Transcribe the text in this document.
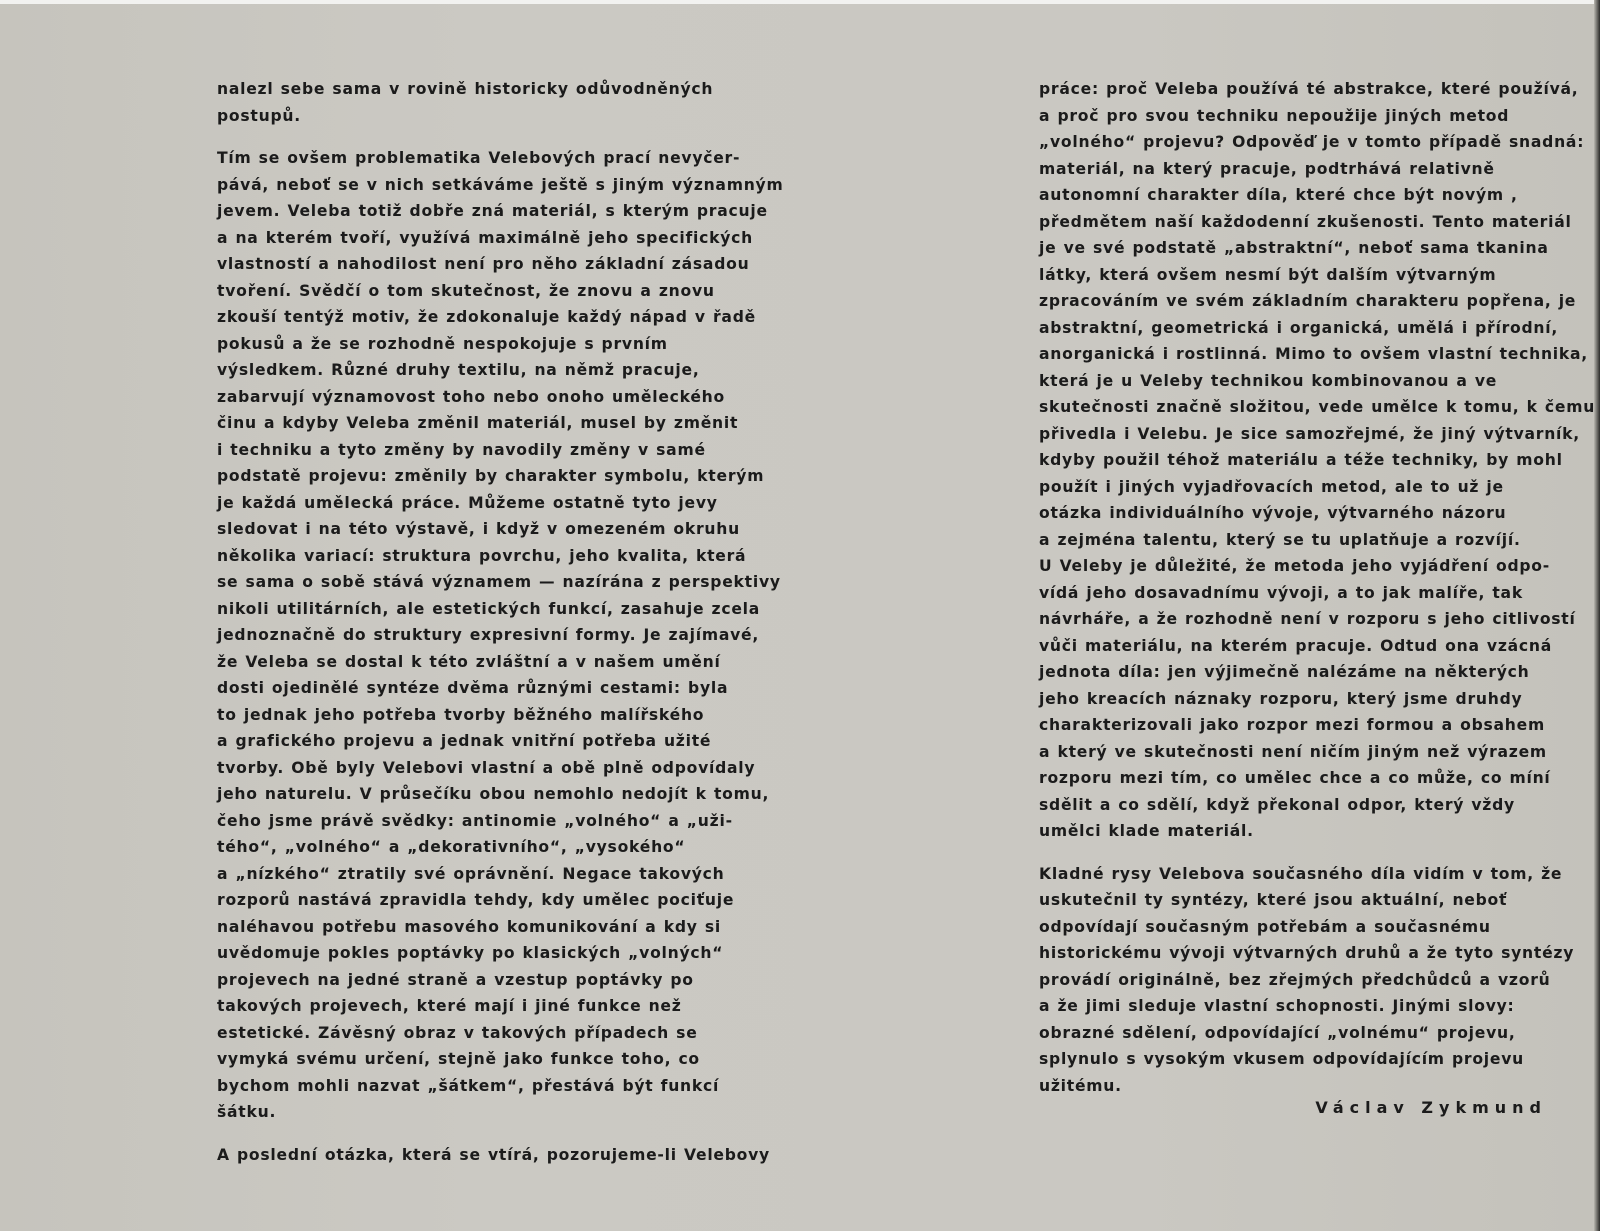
nalezl sebe sama v rovině historicky odůvodněných
postupů.
Tím se ovšem problematika Velebových prací nevyčer-
pává, neboť se v nich setkáváme ještě s jiným významným
jevem. Veleba totiž dobře zná materiál, s kterým pracuje
a na kterém tvoří, využívá maximálně jeho specifických
vlastností a nahodilost není pro něho základní zásadou
tvoření. Svědčí o tom skutečnost, že znovu a znovu
zkouší tentýž motiv, že zdokonaluje každý nápad v řadě
pokusů a že se rozhodně nespokojuje s prvním
výsledkem. Různé druhy textilu, na němž pracuje,
zabarvují významovost toho nebo onoho uměleckého
činu a kdyby Veleba změnil materiál, musel by změnit
i techniku a tyto změny by navodily změny v samé
podstatě projevu: změnily by charakter symbolu, kterým
je každá umělecká práce. Můžeme ostatně tyto jevy
sledovat i na této výstavě, i když v omezeném okruhu
několika variací: struktura povrchu, jeho kvalita, která
se sama o sobě stává významem — nazírána z perspektivy
nikoli utilitárních, ale estetických funkcí, zasahuje zcela
jednoznačně do struktury expresivní formy. Je zajímavé,
že Veleba se dostal k této zvláštní a v našem umění
dosti ojedinělé syntéze dvěma různými cestami: byla
to jednak jeho potřeba tvorby běžného malířského
a grafického projevu a jednak vnitřní potřeba užité
tvorby. Obě byly Velebovi vlastní a obě plně odpovídaly
jeho naturelu. V průsečíku obou nemohlo nedojít k tomu,
čeho jsme právě svědky: antinomie „volného“ a „uži-
tého“, „volného“ a „dekorativního“, „vysokého“
a „nízkého“ ztratily své oprávnění. Negace takových
rozporů nastává zpravidla tehdy, kdy umělec pociťuje
naléhavou potřebu masového komunikování a kdy si
uvědomuje pokles poptávky po klasických „volných“
projevech na jedné straně a vzestup poptávky po
takových projevech, které mají i jiné funkce než
estetické. Závěsný obraz v takových případech se
vymyká svému určení, stejně jako funkce toho, co
bychom mohli nazvat „šátkem“, přestává být funkcí
šátku.
A poslední otázka, která se vtírá, pozorujeme-li Velebovy
práce: proč Veleba používá té abstrakce, které používá,
a proč pro svou techniku nepoužije jiných metod
„volného“ projevu? Odpověď je v tomto případě snadná:
materiál, na který pracuje, podtrhává relativně
autonomní charakter díla, které chce být novým ,
předmětem naší každodenní zkušenosti. Tento materiál
je ve své podstatě „abstraktní“, neboť sama tkanina
látky, která ovšem nesmí být dalším výtvarným
zpracováním ve svém základním charakteru popřena, je
abstraktní, geometrická i organická, umělá i přírodní,
anorganická i rostlinná. Mimo to ovšem vlastní technika,
která je u Veleby technikou kombinovanou a ve
skutečnosti značně složitou, vede umělce k tomu, k čemu
přivedla i Velebu. Je sice samozřejmé, že jiný výtvarník,
kdyby použil téhož materiálu a téže techniky, by mohl
použít i jiných vyjadřovacích metod, ale to už je
otázka individuálního vývoje, výtvarného názoru
a zejména talentu, který se tu uplatňuje a rozvíjí.
U Veleby je důležité, že metoda jeho vyjádření odpo-
vídá jeho dosavadnímu vývoji, a to jak malíře, tak
návrháře, a že rozhodně není v rozporu s jeho citlivostí
vůči materiálu, na kterém pracuje. Odtud ona vzácná
jednota díla: jen výjimečně nalézáme na některých
jeho kreacích náznaky rozporu, který jsme druhdy
charakterizovali jako rozpor mezi formou a obsahem
a který ve skutečnosti není ničím jiným než výrazem
rozporu mezi tím, co umělec chce a co může, co míní
sdělit a co sdělí, když překonal odpor, který vždy
umělci klade materiál.
Kladné rysy Velebova současného díla vidím v tom, že
uskutečnil ty syntézy, které jsou aktuální, neboť
odpovídají současným potřebám a současnému
historickému vývoji výtvarných druhů a že tyto syntézy
provádí originálně, bez zřejmých předchůdců a vzorů
a že jimi sleduje vlastní schopnosti. Jinými slovy:
obrazné sdělení, odpovídající „volnému“ projevu,
splynulo s vysokým vkusem odpovídajícím projevu
užitému.
Václav Zykmund
